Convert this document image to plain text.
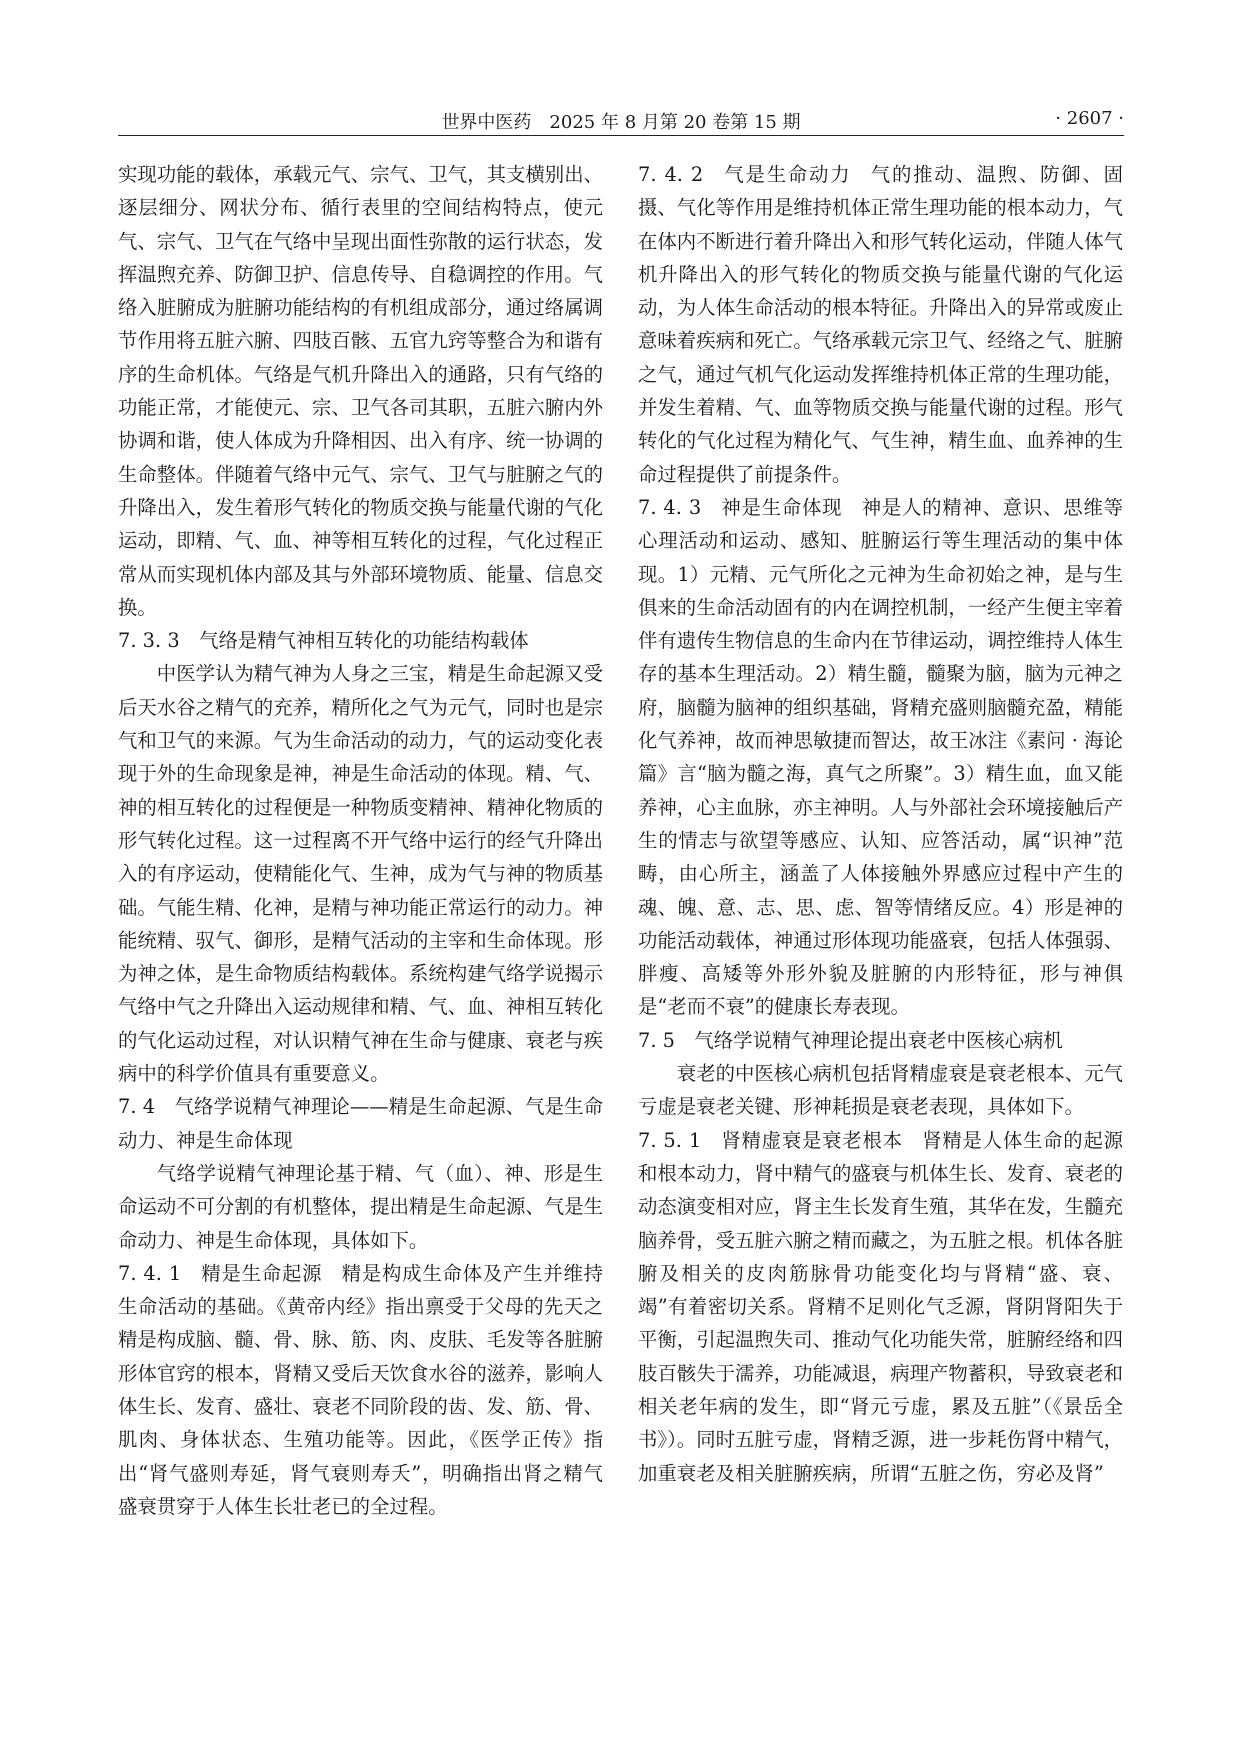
世界中医药　2025 年 8 月第 20 卷第 15 期	· 2607 ·

实现功能的载体，承载元气、宗气、卫气，其支横别出、逐层细分、网状分布、循行表里的空间结构特点，使元气、宗气、卫气在气络中呈现出面性弥散的运行状态，发挥温煦充养、防御卫护、信息传导、自稳调控的作用。气络入脏腑成为脏腑功能结构的有机组成部分，通过络属调节作用将五脏六腑、四肢百骸、五官九窍等整合为和谐有序的生命机体。气络是气机升降出入的通路，只有气络的功能正常，才能使元、宗、卫气各司其职，五脏六腑内外协调和谐，使人体成为升降相因、出入有序、统一协调的生命整体。伴随着气络中元气、宗气、卫气与脏腑之气的升降出入，发生着形气转化的物质交换与能量代谢的气化运动，即精、气、血、神等相互转化的过程，气化过程正常从而实现机体内部及其与外部环境物质、能量、信息交换。

7. 3. 3 气络是精气神相互转化的功能结构载体

中医学认为精气神为人身之三宝，精是生命起源又受后天水谷之精气的充养，精所化之气为元气，同时也是宗气和卫气的来源。气为生命活动的动力，气的运动变化表现于外的生命现象是神，神是生命活动的体现。精、气、神的相互转化的过程便是一种物质变精神、精神化物质的形气转化过程。这一过程离不开气络中运行的经气升降出入的有序运动，使精能化气、生神，成为气与神的物质基础。气能生精、化神，是精与神功能正常运行的动力。神能统精、驭气、御形，是精气活动的主宰和生命体现。形为神之体，是生命物质结构载体。系统构建气络学说揭示气络中气之升降出入运动规律和精、气、血、神相互转化的气化运动过程，对认识精气神在生命与健康、衰老与疾病中的科学价值具有重要意义。

7. 4 气络学说精气神理论——精是生命起源、气是生命动力、神是生命体现

气络学说精气神理论基于精、气（血）、神、形是生命运动不可分割的有机整体，提出精是生命起源、气是生命动力、神是生命体现，具体如下。

7. 4. 1 精是生命起源 精是构成生命体及产生并维持生命活动的基础。《黄帝内经》指出禀受于父母的先天之精是构成脑、髓、骨、脉、筋、肉、皮肤、毛发等各脏腑形体官窍的根本，肾精又受后天饮食水谷的滋养，影响人体生长、发育、盛壮、衰老不同阶段的齿、发、筋、骨、肌肉、身体状态、生殖功能等。因此，《医学正传》指出“肾气盛则寿延，肾气衰则寿夭”，明确指出肾之精气盛衰贯穿于人体生长壮老已的全过程。

7. 4. 2 气是生命动力 气的推动、温煦、防御、固摄、气化等作用是维持机体正常生理功能的根本动力，气在体内不断进行着升降出入和形气转化运动，伴随人体气机升降出入的形气转化的物质交换与能量代谢的气化运动，为人体生命活动的根本特征。升降出入的异常或废止意味着疾病和死亡。气络承载元宗卫气、经络之气、脏腑之气，通过气机气化运动发挥维持机体正常的生理功能，并发生着精、气、血等物质交换与能量代谢的过程。形气转化的气化过程为精化气、气生神，精生血、血养神的生命过程提供了前提条件。

7. 4. 3 神是生命体现 神是人的精神、意识、思维等心理活动和运动、感知、脏腑运行等生理活动的集中体现。1）元精、元气所化之元神为生命初始之神，是与生俱来的生命活动固有的内在调控机制，一经产生便主宰着伴有遗传生物信息的生命内在节律运动，调控维持人体生存的基本生理活动。2）精生髓，髓聚为脑，脑为元神之府，脑髓为脑神的组织基础，肾精充盛则脑髓充盈，精能化气养神，故而神思敏捷而智达，故王冰注《素问 · 海论篇》言“脑为髓之海，真气之所聚”。3）精生血，血又能养神，心主血脉，亦主神明。人与外部社会环境接触后产生的情志与欲望等感应、认知、应答活动，属“识神”范畴，由心所主，涵盖了人体接触外界感应过程中产生的魂、魄、意、志、思、虑、智等情绪反应。4）形是神的功能活动载体，神通过形体现功能盛衰，包括人体强弱、胖瘦、高矮等外形外貌及脏腑的内形特征，形与神俱是“老而不衰”的健康长寿表现。

7. 5 气络学说精气神理论提出衰老中医核心病机

衰老的中医核心病机包括肾精虚衰是衰老根本、元气亏虚是衰老关键、形神耗损是衰老表现，具体如下。

7. 5. 1 肾精虚衰是衰老根本 肾精是人体生命的起源和根本动力，肾中精气的盛衰与机体生长、发育、衰老的动态演变相对应，肾主生长发育生殖，其华在发，生髓充脑养骨，受五脏六腑之精而藏之，为五脏之根。机体各脏腑及相关的皮肉筋脉骨功能变化均与肾精“盛、衰、竭”有着密切关系。肾精不足则化气乏源，肾阴肾阳失于平衡，引起温煦失司、推动气化功能失常，脏腑经络和四肢百骸失于濡养，功能减退，病理产物蓄积，导致衰老和相关老年病的发生，即“肾元亏虚，累及五脏”（《景岳全书》）。同时五脏亏虚，肾精乏源，进一步耗伤肾中精气，加重衰老及相关脏腑疾病，所谓“五脏之伤，穷必及肾”
